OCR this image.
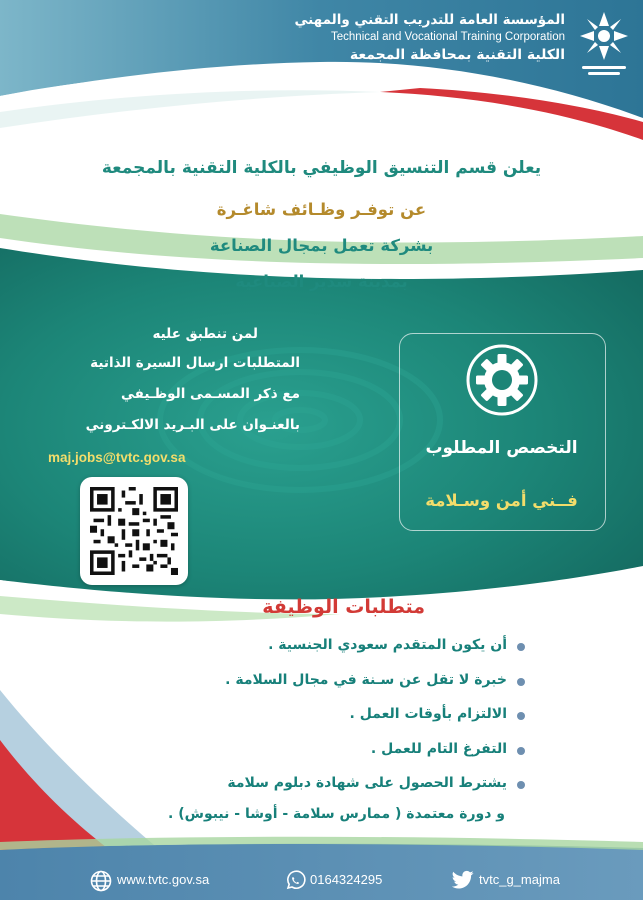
المؤسسة العامة للتدريب التقني والمهني
Technical and Vocational Training Corporation
الكلية التقنية بمحافظة المجمعة
يعلن قسم التنسيق الوظيفي بالكلية التقنية بالمجمعة
عن توفـر وظـائف شاغـرة
بشركة تعمل بمجال الصناعة
بمدينة سدير الصناعية
لمن تنطبق عليه
المتطلبات ارسال السيرة الذاتية
مع ذكر المسـمى الوظـيفي
بالعنـوان على البـريد الالكـتروني
maj.jobs@tvtc.gov.sa	التخصص المطلوب
فــني أمن وسـلامة
متطلبات الوظيفة
أن يكون المتقدم سعودي الجنسية .
خبرة لا تقل عن سـنة في مجال السلامة .
الالتزام بأوقات العمل .
التفرغ التام للعمل .
يشترط الحصول على شهادة دبلوم سلامة
و دورة معتمدة ( ممارس سلامة - أوشا - نيبوش) .
www.tvtc.gov.sa	0164324295	tvtc_g_majma
